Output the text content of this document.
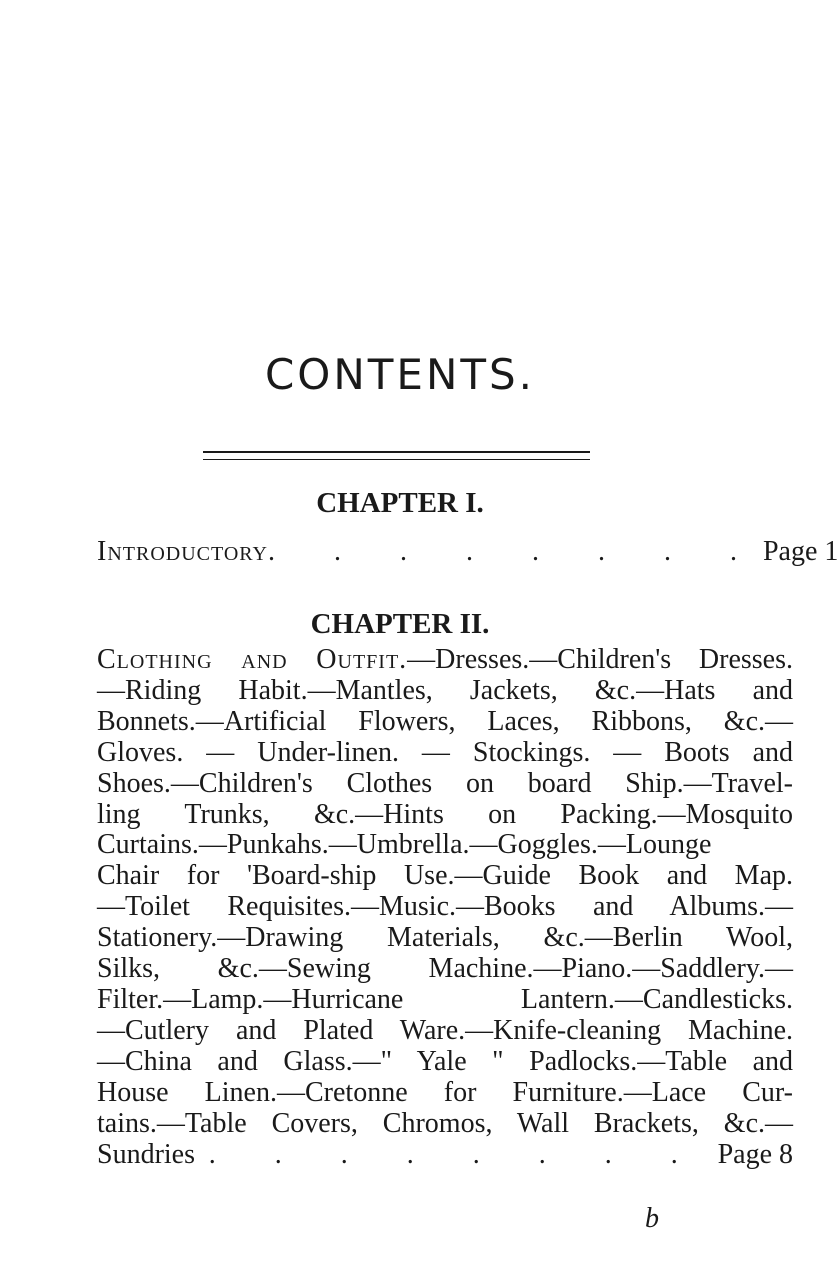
CONTENTS.
CHAPTER I.
Introductory . . . . . . . . Page 1
CHAPTER II.
Clothing and Outfit.—Dresses.—Children's Dresses.
—Riding Habit.—Mantles, Jackets, &c.—Hats and
Bonnets.—Artificial Flowers, Laces, Ribbons, &c.—
Gloves. — Under-linen. — Stockings. — Boots and
Shoes.—Children's Clothes on board Ship.—Travel-
ling Trunks, &c.—Hints on Packing.—Mosquito
Curtains.—Punkahs.—Umbrella.—Goggles.—Lounge
Chair for 'Board-ship Use.—Guide Book and Map.
—Toilet Requisites.—Music.—Books and Albums.—
Stationery.—Drawing Materials, &c.—Berlin Wool,
Silks, &c.—Sewing Machine.—Piano.—Saddlery.—
Filter.—Lamp.—Hurricane Lantern.—Candlesticks.
—Cutlery and Plated Ware.—Knife-cleaning Machine.
—China and Glass.—" Yale " Padlocks.—Table and
House Linen.—Cretonne for Furniture.—Lace Cur-
tains.—Table Covers, Chromos, Wall Brackets, &c.—
Sundries . . . . . . . . Page 8
b
